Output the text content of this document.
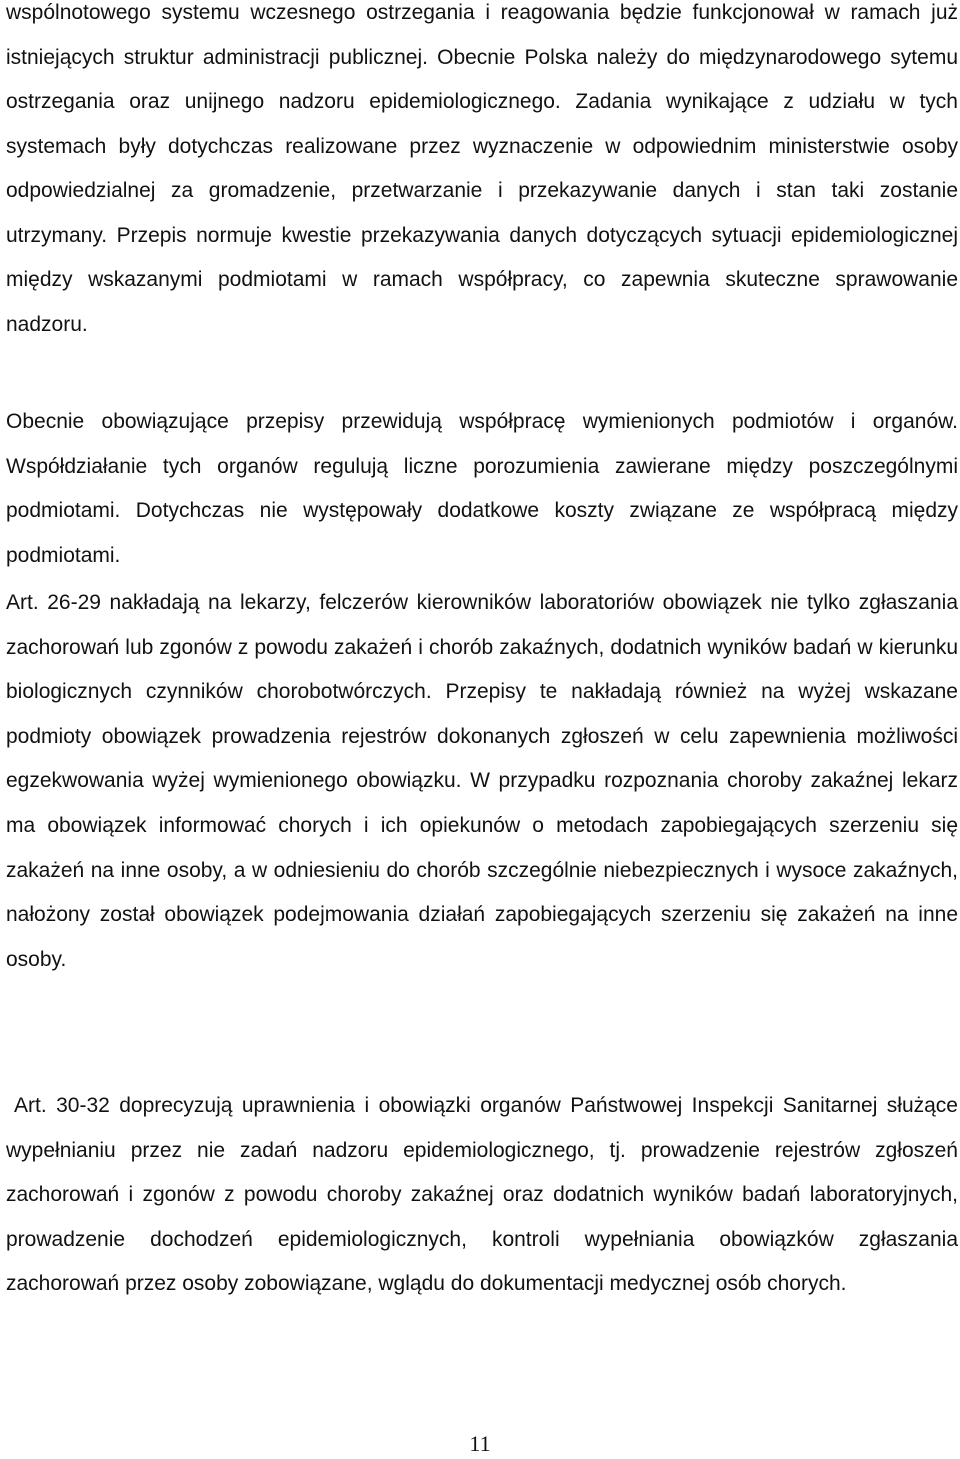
wspólnotowego systemu wczesnego ostrzegania i reagowania będzie funkcjonował w ramach już istniejących struktur administracji publicznej. Obecnie Polska należy do międzynarodowego sytemu ostrzegania oraz unijnego nadzoru epidemiologicznego. Zadania wynikające z udziału w tych systemach były dotychczas realizowane przez wyznaczenie w odpowiednim ministerstwie osoby odpowiedzialnej za gromadzenie, przetwarzanie i przekazywanie danych i stan taki zostanie utrzymany. Przepis normuje kwestie przekazywania danych dotyczących sytuacji epidemiologicznej między wskazanymi podmiotami w ramach współpracy, co zapewnia skuteczne sprawowanie nadzoru.

Obecnie obowiązujące przepisy przewidują współpracę wymienionych podmiotów i organów. Współdziałanie tych organów regulują liczne porozumienia zawierane między poszczególnymi podmiotami. Dotychczas nie występowały dodatkowe koszty związane ze współpracą między podmiotami.

Art. 26-29 nakładają na lekarzy, felczerów kierowników laboratoriów obowiązek nie tylko zgłaszania zachorowań lub zgonów z powodu zakażeń i chorób zakaźnych, dodatnich wyników badań w kierunku biologicznych czynników chorobotwórczych. Przepisy te nakładają również na wyżej wskazane podmioty obowiązek prowadzenia rejestrów dokonanych zgłoszeń w celu zapewnienia możliwości egzekwowania wyżej wymienionego obowiązku. W przypadku rozpoznania choroby zakaźnej lekarz ma obowiązek informować chorych i ich opiekunów o metodach zapobiegających szerzeniu się zakażeń na inne osoby, a w odniesieniu do chorób szczególnie niebezpiecznych i wysoce zakaźnych, nałożony został obowiązek podejmowania działań zapobiegających szerzeniu się zakażeń na inne osoby.

Art. 30-32 doprecyzują uprawnienia i obowiązki organów Państwowej Inspekcji Sanitarnej służące wypełnianiu przez nie zadań nadzoru epidemiologicznego, tj. prowadzenie rejestrów zgłoszeń zachorowań i zgonów z powodu choroby zakaźnej oraz dodatnich wyników badań laboratoryjnych, prowadzenie dochodzeń epidemiologicznych, kontroli wypełniania obowiązków zgłaszania zachorowań przez osoby zobowiązane, wglądu do dokumentacji medycznej osób chorych.

11
